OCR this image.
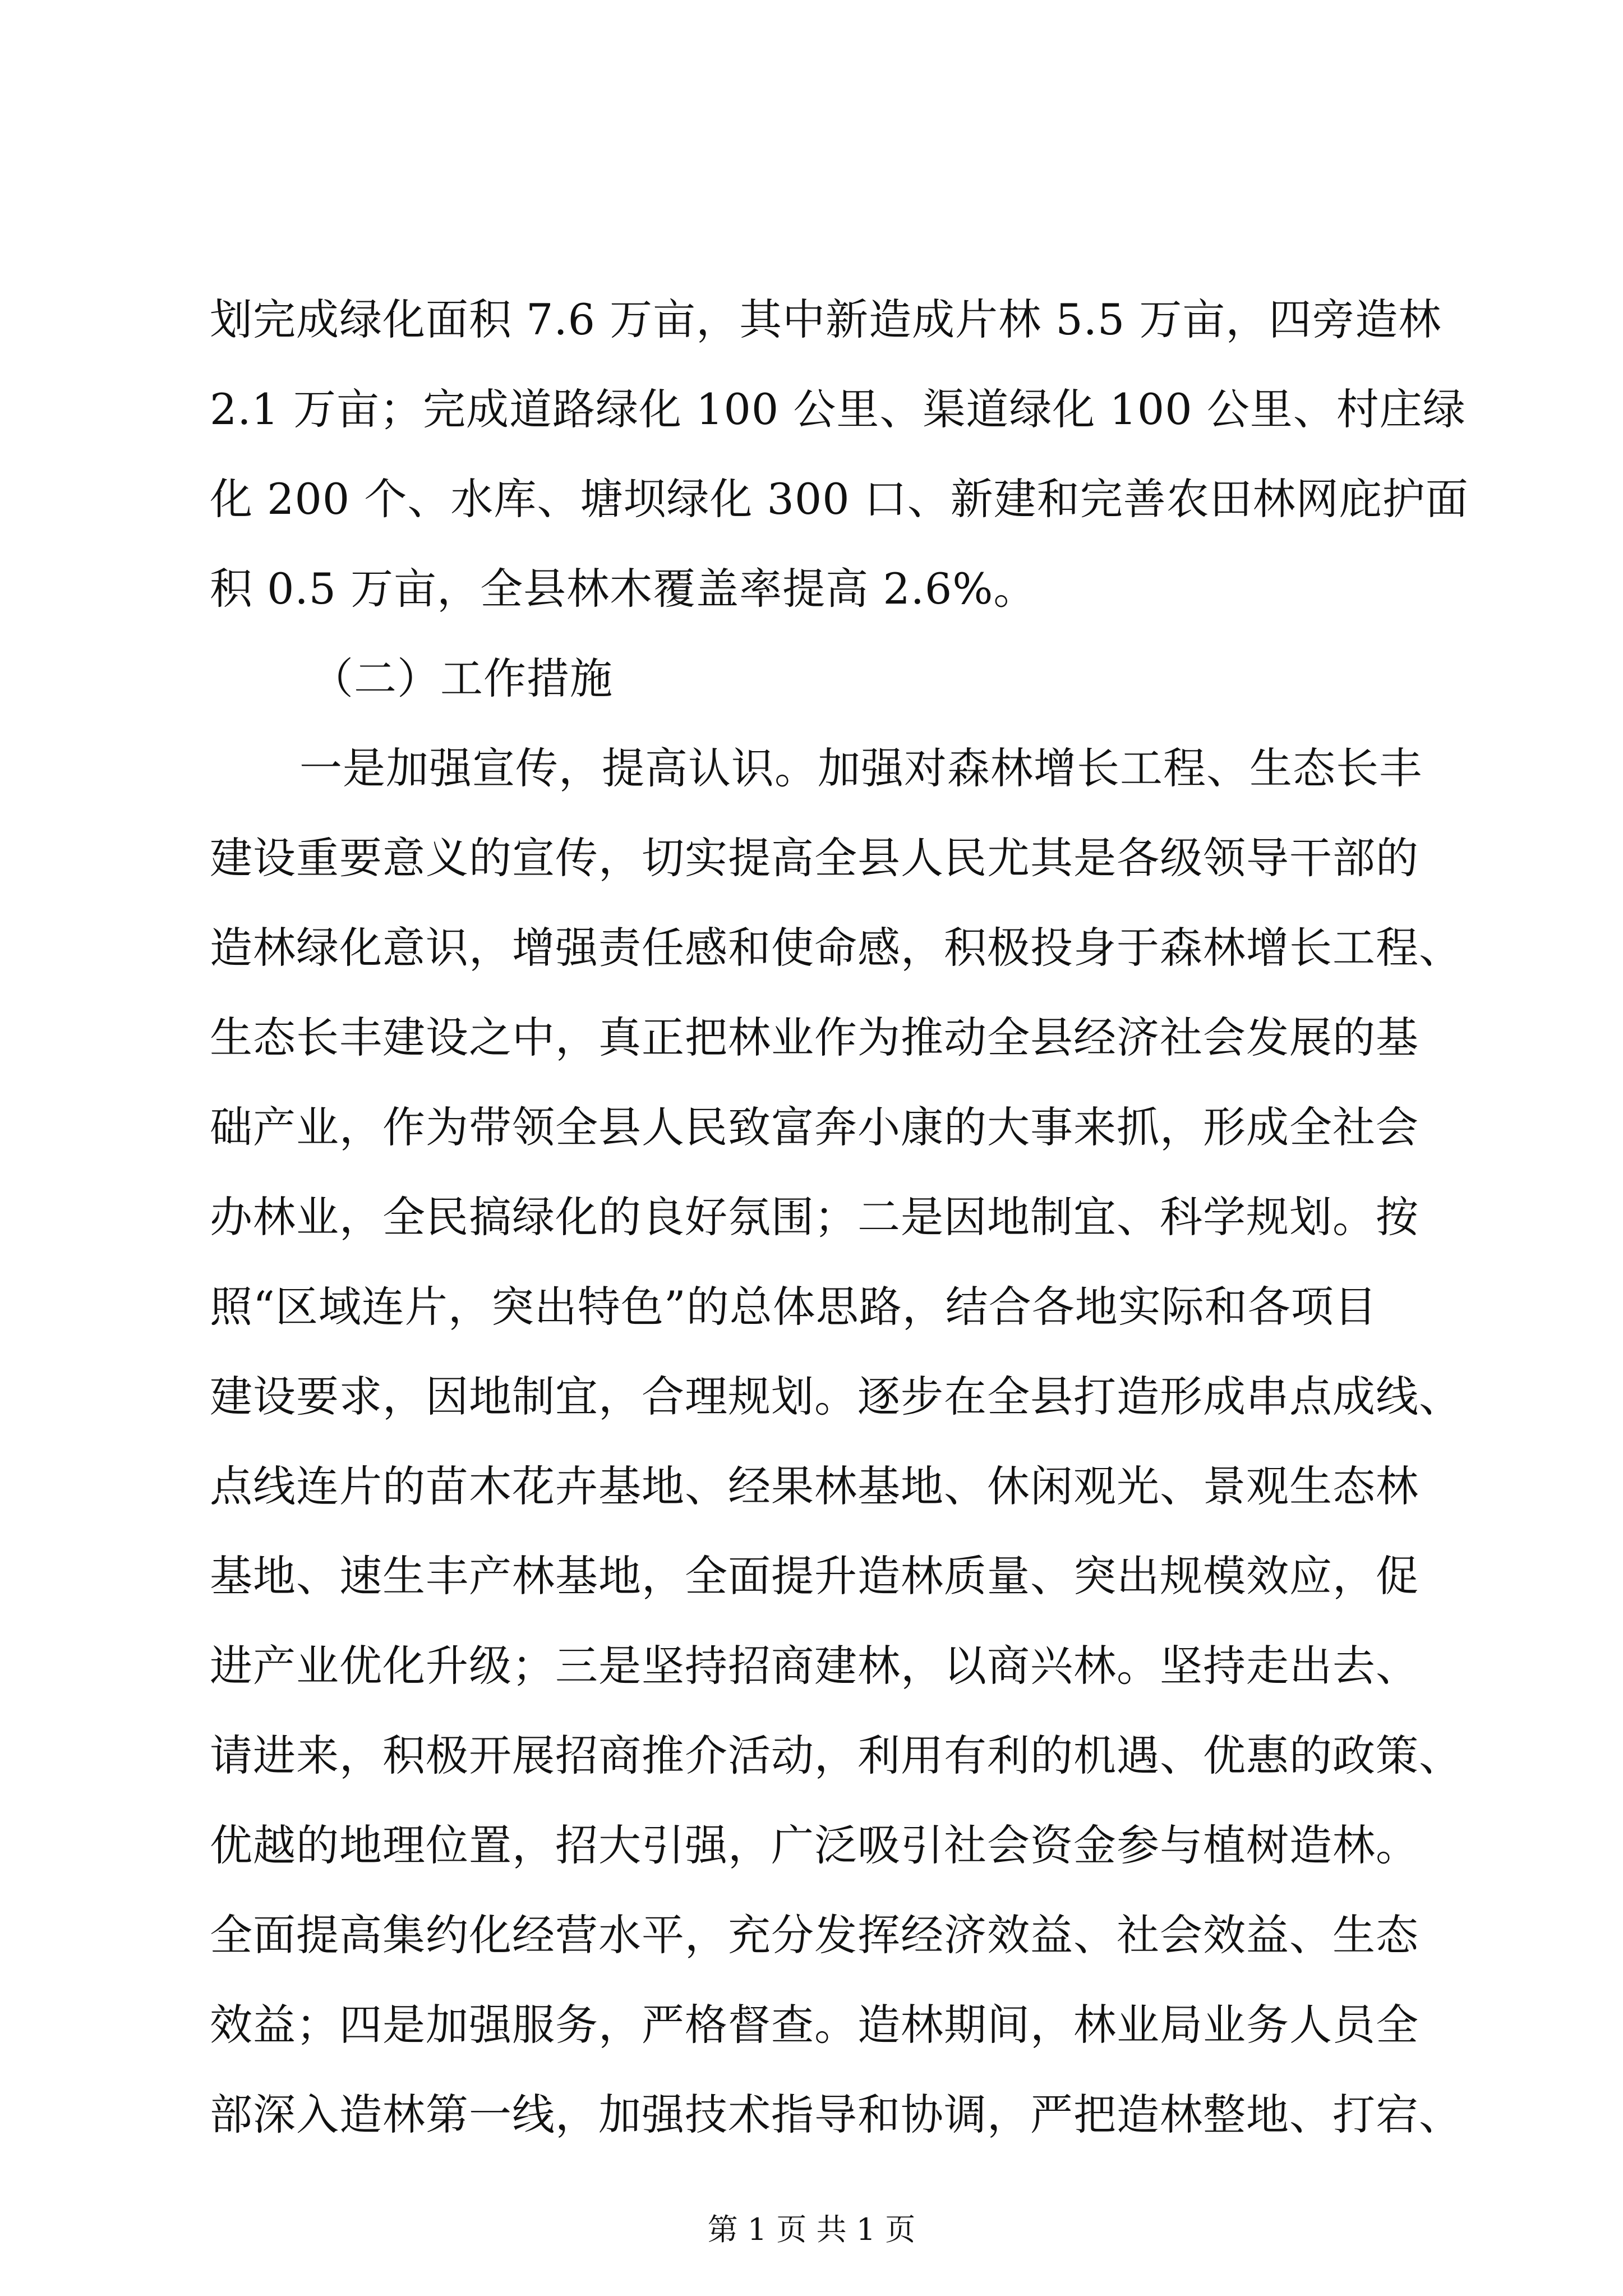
划完成绿化面积 7.6 万亩，其中新造成片林 5.5 万亩，四旁造林
2.1 万亩；完成道路绿化 100 公里、渠道绿化 100 公里、村庄绿
化 200 个、水库、塘坝绿化 300 口、新建和完善农田林网庇护面
积 0.5 万亩，全县林木覆盖率提高 2.6%。
（二）工作措施
一是加强宣传，提高认识。加强对森林增长工程、生态长丰
建设重要意义的宣传，切实提高全县人民尤其是各级领导干部的
造林绿化意识，增强责任感和使命感，积极投身于森林增长工程、
生态长丰建设之中，真正把林业作为推动全县经济社会发展的基
础产业，作为带领全县人民致富奔小康的大事来抓，形成全社会
办林业，全民搞绿化的良好氛围；二是因地制宜、科学规划。按
照“区域连片，突出特色”的总体思路，结合各地实际和各项目
建设要求，因地制宜，合理规划。逐步在全县打造形成串点成线、
点线连片的苗木花卉基地、经果林基地、休闲观光、景观生态林
基地、速生丰产林基地，全面提升造林质量、突出规模效应，促
进产业优化升级；三是坚持招商建林，以商兴林。坚持走出去、
请进来，积极开展招商推介活动，利用有利的机遇、优惠的政策、
优越的地理位置，招大引强，广泛吸引社会资金参与植树造林。
全面提高集约化经营水平，充分发挥经济效益、社会效益、生态
效益；四是加强服务，严格督查。造林期间，林业局业务人员全
部深入造林第一线，加强技术指导和协调，严把造林整地、打宕、
第 1 页 共 1 页
